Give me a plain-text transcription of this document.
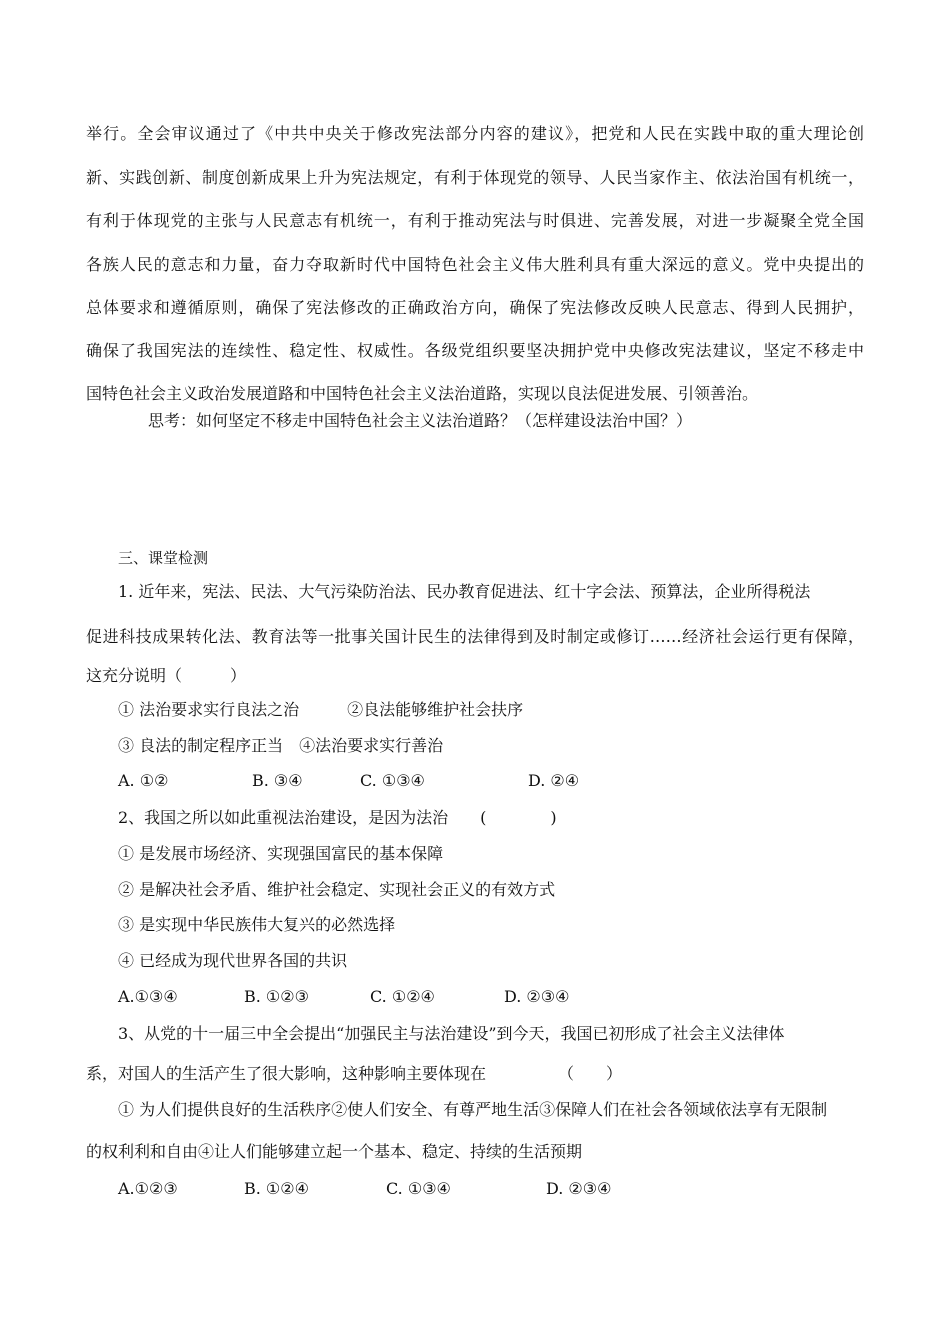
举行。全会审议通过了《中共中央关于修改宪法部分内容的建议》，把党和人民在实践中取的重大理论创
新、实践创新、制度创新成果上升为宪法规定，有利于体现党的领导、人民当家作主、依法治国有机统一，
有利于体现党的主张与人民意志有机统一，有利于推动宪法与时俱进、完善发展，对进一步凝聚全党全国
各族人民的意志和力量，奋力夺取新时代中国特色社会主义伟大胜利具有重大深远的意义。党中央提出的
总体要求和遵循原则，确保了宪法修改的正确政治方向，确保了宪法修改反映人民意志、得到人民拥护，
确保了我国宪法的连续性、稳定性、权威性。各级党组织要坚决拥护党中央修改宪法建议，坚定不移走中
国特色社会主义政治发展道路和中国特色社会主义法治道路，实现以良法促进发展、引领善治。
思考：如何坚定不移走中国特色社会主义法治道路？（怎样建设法治中国？）
三、课堂检测
1. 近年来，宪法、民法、大气污染防治法、民办教育促进法、红十字会法、预算法，企业所得税法
促进科技成果转化法、教育法等一批事关国计民生的法律得到及时制定或修订……经济社会运行更有保障，
这充分说明（　　　）
① 法治要求实行良法之治　　　②良法能够维护社会扶序
③ 良法的制定程序正当　④法治要求实行善治
A. ①②	B. ③④	C. ①③④	D. ②④
2、我国之所以如此重视法治建设，是因为法治　　(　　　　)
① 是发展市场经济、实现强国富民的基本保障
② 是解决社会矛盾、维护社会稳定、实现社会正义的有效方式
③ 是实现中华民族伟大复兴的必然选择
④ 已经成为现代世界各国的共识
A.①③④	B. ①②③	C. ①②④	D. ②③④
3、从党的十一届三中全会提出“加强民主与法治建设”到今天，我国已初形成了社会主义法律体
系，对国人的生活产生了很大影响，这种影响主要体现在　　　　　（　　）
① 为人们提供良好的生活秩序②使人们安全、有尊严地生活③保障人们在社会各领域依法享有无限制
的权利利和自由④让人们能够建立起一个基本、稳定、持续的生活预期
A.①②③	B. ①②④	C. ①③④	D. ②③④
